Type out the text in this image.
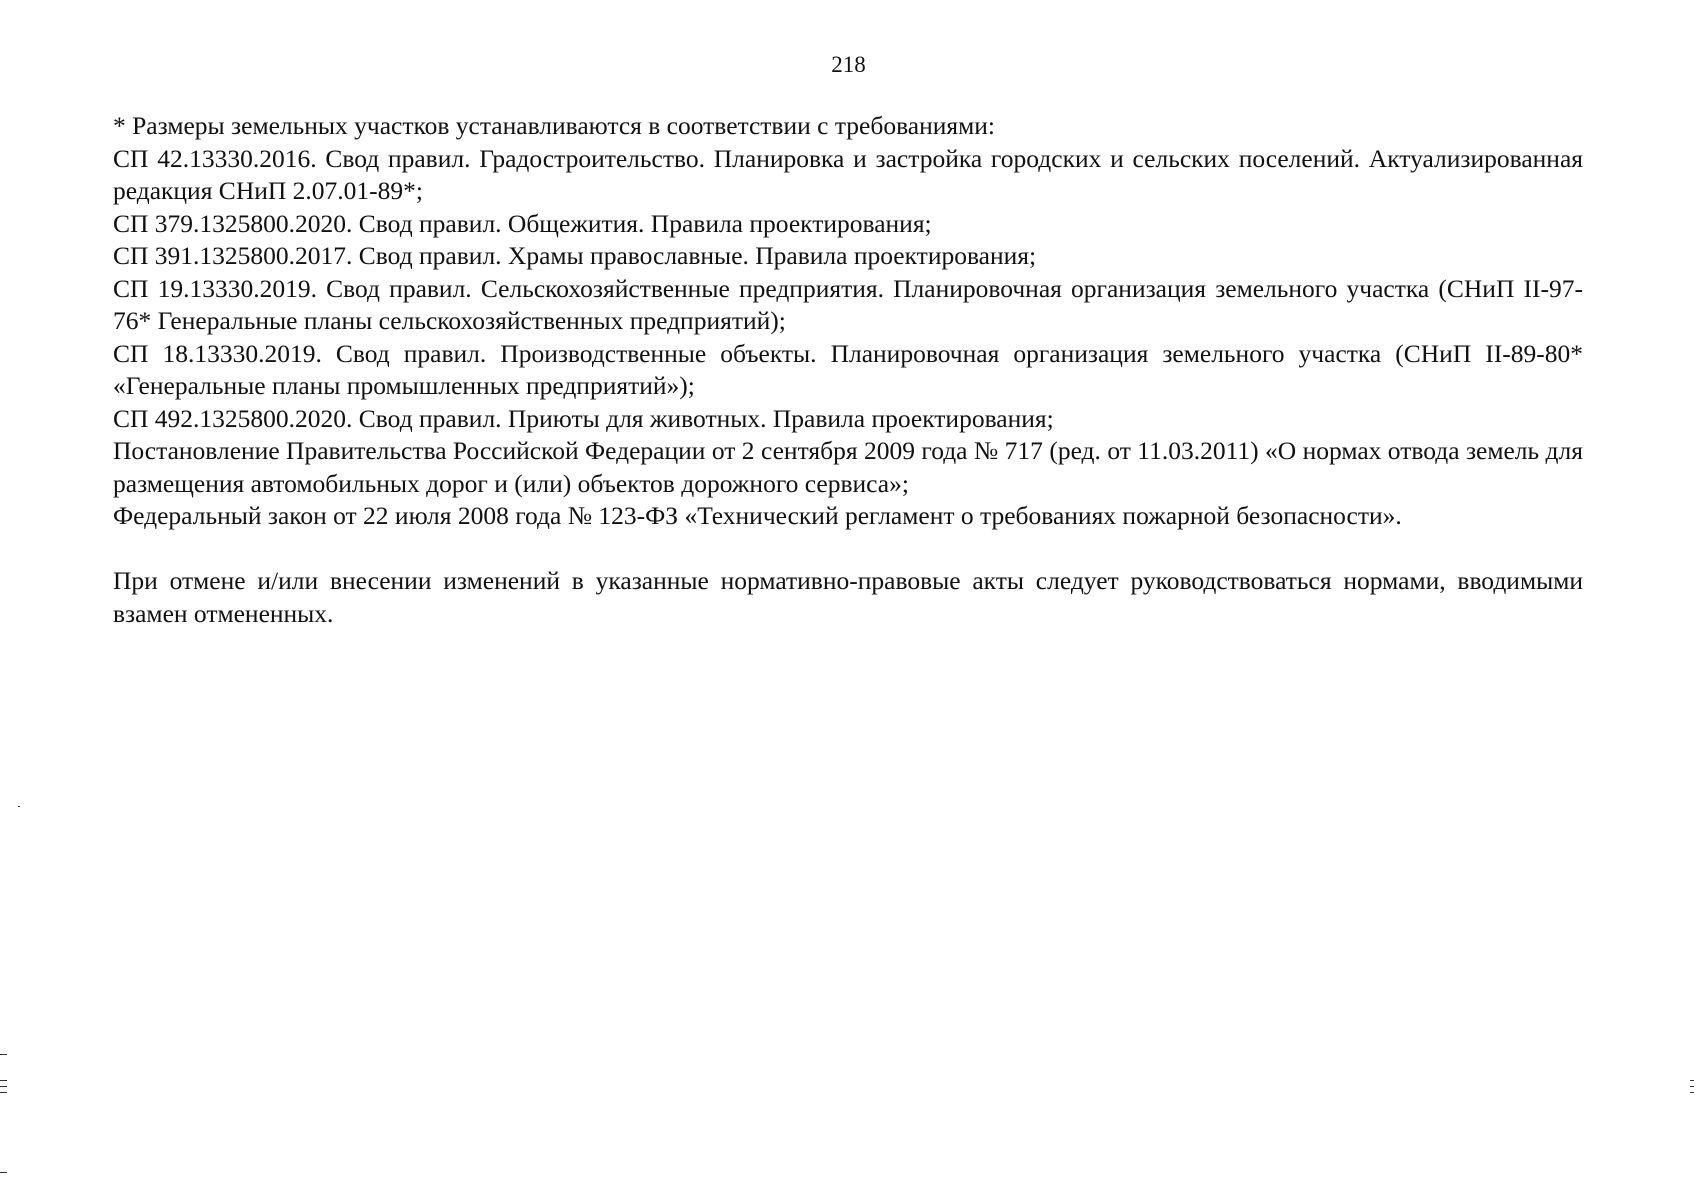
218

* Размеры земельных участков устанавливаются в соответствии с требованиями:

СП 42.13330.2016. Свод правил. Градостроительство. Планировка и застройка городских и сельских поселений. Актуализированная редакция СНиП 2.07.01-89*;

СП 379.1325800.2020. Свод правил. Общежития. Правила проектирования;

СП 391.1325800.2017. Свод правил. Храмы православные. Правила проектирования;

СП 19.13330.2019. Свод правил. Сельскохозяйственные предприятия. Планировочная организация земельного участка (СНиП II-97-76* Генеральные планы сельскохозяйственных предприятий);

СП 18.13330.2019. Свод правил. Производственные объекты. Планировочная организация земельного участка (СНиП II-89-80* «Генеральные планы промышленных предприятий»);

СП 492.1325800.2020. Свод правил. Приюты для животных. Правила проектирования;

Постановление Правительства Российской Федерации от 2 сентября 2009 года № 717 (ред. от 11.03.2011) «О нормах отвода земель для размещения автомобильных дорог и (или) объектов дорожного сервиса»;

Федеральный закон от 22 июля 2008 года № 123-ФЗ «Технический регламент о требованиях пожарной безопасности».

При отмене и/или внесении изменений в указанные нормативно-правовые акты следует руководствоваться нормами, вводимыми взамен отмененных.
